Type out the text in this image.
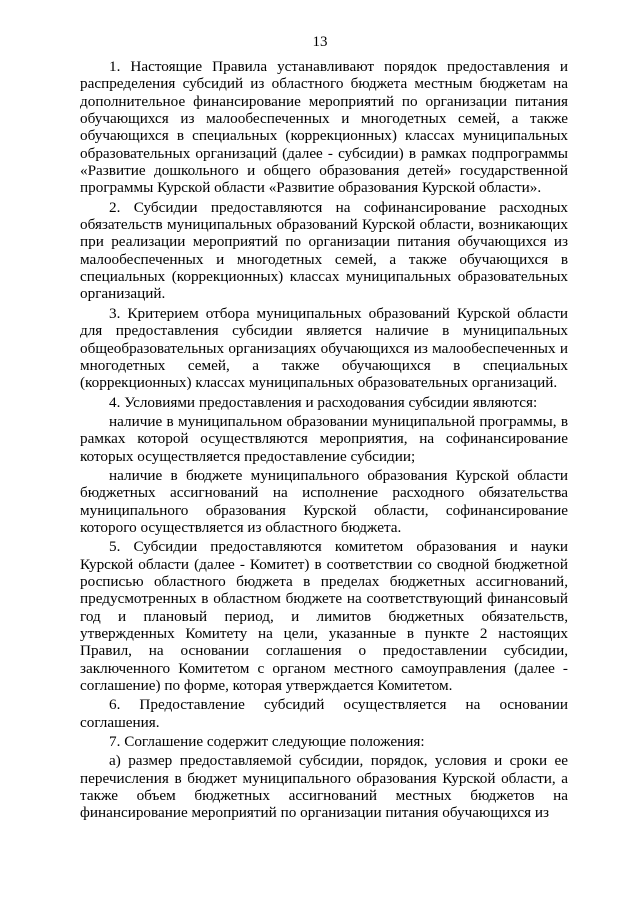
13

1. Настоящие Правила устанавливают порядок предоставления и распределения субсидий из областного бюджета местным бюджетам на дополнительное финансирование мероприятий по организации питания обучающихся из малообеспеченных и многодетных семей, а также обучающихся в специальных (коррекционных) классах муниципальных образовательных организаций (далее - субсидии) в рамках подпрограммы «Развитие дошкольного и общего образования детей» государственной программы Курской области «Развитие образования Курской области».

2. Субсидии предоставляются на софинансирование расходных обязательств муниципальных образований Курской области, возникающих при реализации мероприятий по организации питания обучающихся из малообеспеченных и многодетных семей, а также обучающихся в специальных (коррекционных) классах муниципальных образовательных организаций.

3. Критерием отбора муниципальных образований Курской области для предоставления субсидии является наличие в муниципальных общеобразовательных организациях обучающихся из малообеспеченных и многодетных семей, а также обучающихся в специальных (коррекционных) классах муниципальных образовательных организаций.

4. Условиями предоставления и расходования субсидии являются:

наличие в муниципальном образовании муниципальной программы, в рамках которой осуществляются мероприятия, на софинансирование которых осуществляется предоставление субсидии;

наличие в бюджете муниципального образования Курской области бюджетных ассигнований на исполнение расходного обязательства муниципального образования Курской области, софинансирование которого осуществляется из областного бюджета.

5. Субсидии предоставляются комитетом образования и науки Курской области (далее - Комитет) в соответствии со сводной бюджетной росписью областного бюджета в пределах бюджетных ассигнований, предусмотренных в областном бюджете на соответствующий финансовый год и плановый период, и лимитов бюджетных обязательств, утвержденных Комитету на цели, указанные в пункте 2 настоящих Правил, на основании соглашения о предоставлении субсидии, заключенного Комитетом с органом местного самоуправления (далее - соглашение) по форме, которая утверждается Комитетом.

6. Предоставление субсидий осуществляется на основании соглашения.

7. Соглашение содержит следующие положения:

а) размер предоставляемой субсидии, порядок, условия и сроки ее перечисления в бюджет муниципального образования Курской области, а также объем бюджетных ассигнований местных бюджетов на финансирование мероприятий по организации питания обучающихся из
